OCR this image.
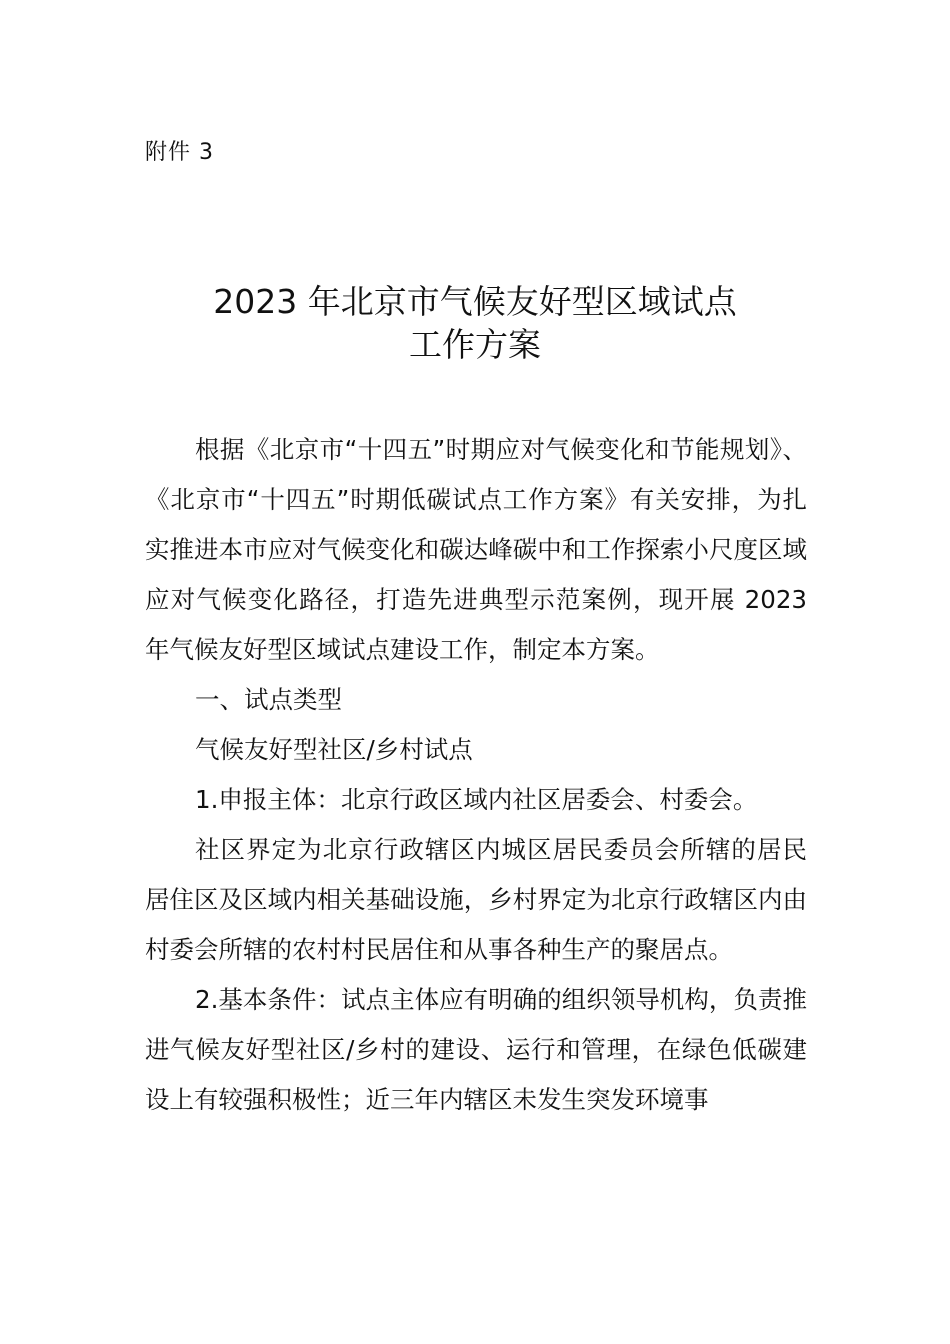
附件 3
2023 年北京市气候友好型区域试点
工作方案

根据《北京市“十四五”时期应对气候变化和节能规划》、《北京市“十四五”时期低碳试点工作方案》有关安排，为扎实推进本市应对气候变化和碳达峰碳中和工作探索小尺度区域应对气候变化路径，打造先进典型示范案例，现开展 2023 年气候友好型区域试点建设工作，制定本方案。

一、试点类型

气候友好型社区/乡村试点

1.申报主体：北京行政区域内社区居委会、村委会。

社区界定为北京行政辖区内城区居民委员会所辖的居民居住区及区域内相关基础设施，乡村界定为北京行政辖区内由村委会所辖的农村村民居住和从事各种生产的聚居点。

2.基本条件：试点主体应有明确的组织领导机构，负责推进气候友好型社区/乡村的建设、运行和管理，在绿色低碳建设上有较强积极性；近三年内辖区未发生突发环境事
